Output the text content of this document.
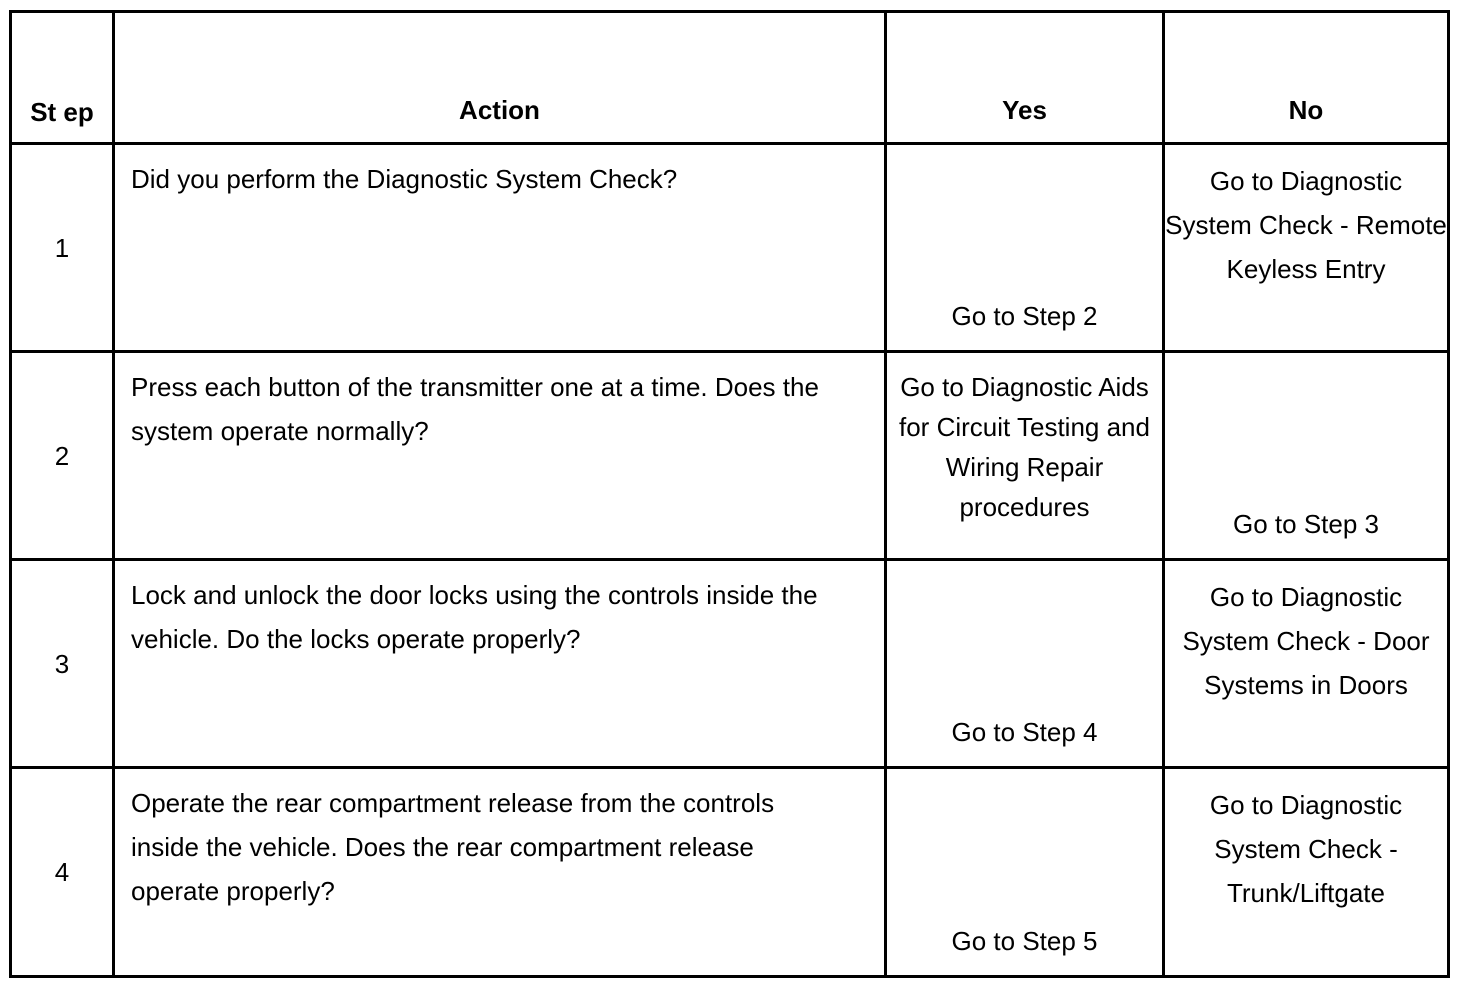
St ep	Action	Yes	No
1	Did you perform the Diagnostic System Check?	Go to Step 2	Go to Diagnostic System Check - Remote Keyless Entry
2	Press each button of the transmitter one at a time. Does the system operate normally?	Go to Diagnostic Aids for Circuit Testing and Wiring Repair procedures	Go to Step 3
3	Lock and unlock the door locks using the controls inside the vehicle. Do the locks operate properly?	Go to Step 4	Go to Diagnostic System Check - Door Systems in Doors
4	Operate the rear compartment release from the controls inside the vehicle. Does the rear compartment release operate properly?	Go to Step 5	Go to Diagnostic System Check - Trunk/Liftgate
